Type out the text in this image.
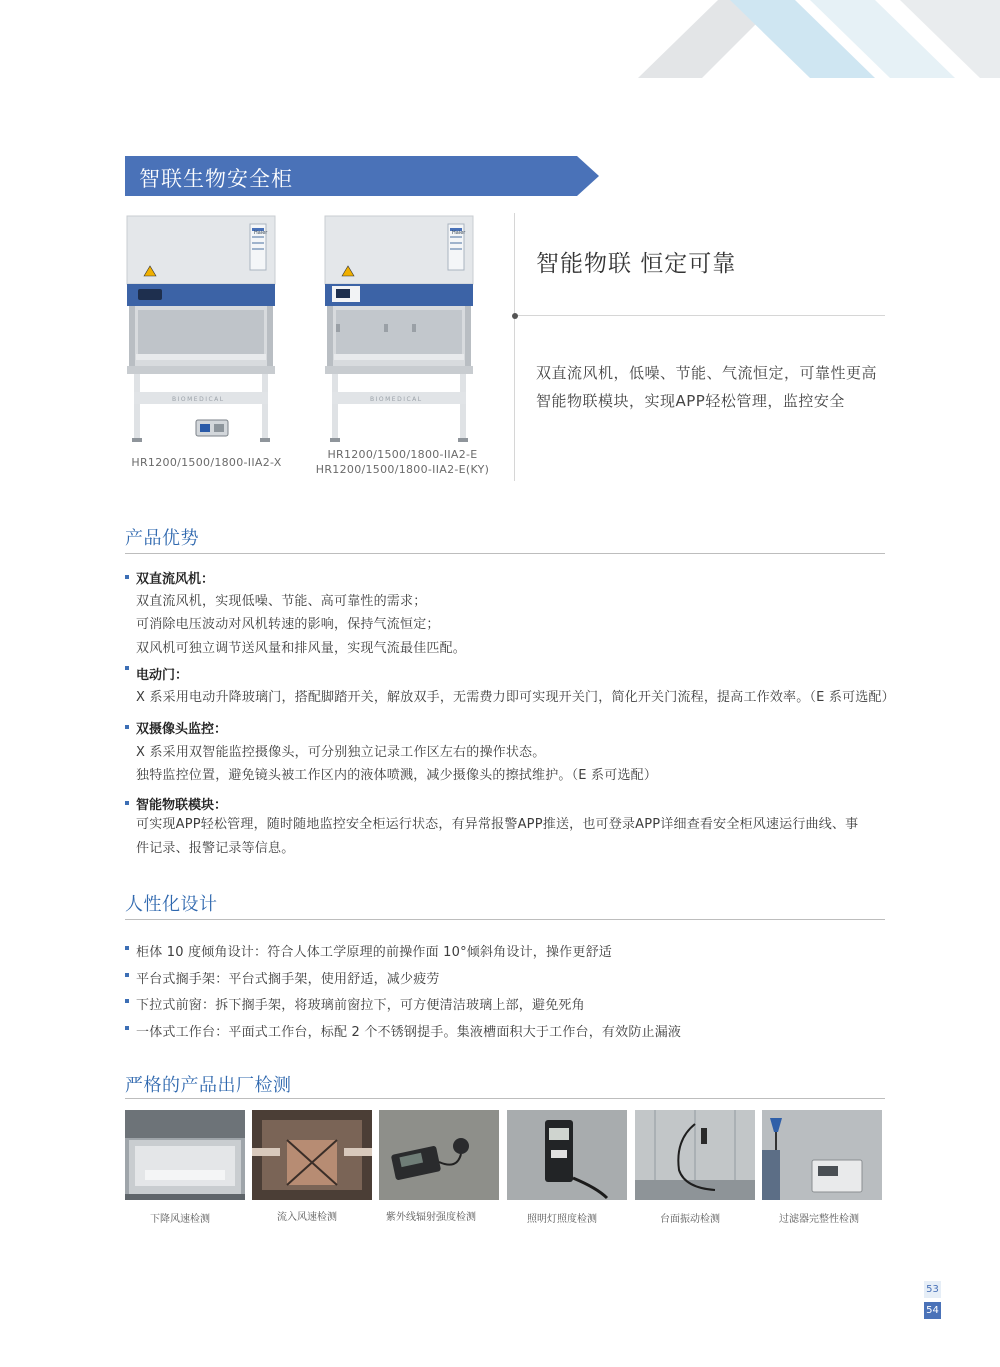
智联生物安全柜
Haier
BIOMEDICAL
Haier
BIOMEDICAL
HR1200/1500/1800-IIA2-X
HR1200/1500/1800-IIA2-E
HR1200/1500/1800-IIA2-E(KY)
智能物联 恒定可靠
双直流风机，低噪、节能、气流恒定，可靠性更高
智能物联模块，实现APP轻松管理，监控安全
产品优势
双直流风机：
双直流风机，实现低噪、节能、高可靠性的需求；
可消除电压波动对风机转速的影响，保持气流恒定；
双风机可独立调节送风量和排风量，实现气流最佳匹配。
电动门：
X 系采用电动升降玻璃门，搭配脚踏开关，解放双手，无需费力即可实现开关门，简化开关门流程，提高工作效率。（E 系可选配）
双摄像头监控：
X 系采用双智能监控摄像头，可分别独立记录工作区左右的操作状态。
独特监控位置，避免镜头被工作区内的液体喷溅，减少摄像头的擦拭维护。（E 系可选配）
智能物联模块：
可实现APP轻松管理，随时随地监控安全柜运行状态，有异常报警APP推送，也可登录APP详细查看安全柜风速运行曲线、事
件记录、报警记录等信息。
人性化设计
柜体 10 度倾角设计：符合人体工学原理的前操作面 10°倾斜角设计，操作更舒适
平台式搁手架：平台式搁手架，使用舒适，减少疲劳
下拉式前窗：拆下搁手架，将玻璃前窗拉下，可方便清洁玻璃上部，避免死角
一体式工作台：平面式工作台，标配 2 个不锈钢提手。集液槽面积大于工作台，有效防止漏液
严格的产品出厂检测
下降风速检测	流入风速检测	紫外线辐射强度检测	照明灯照度检测	台面振动检测	过滤器完整性检测
53
54
